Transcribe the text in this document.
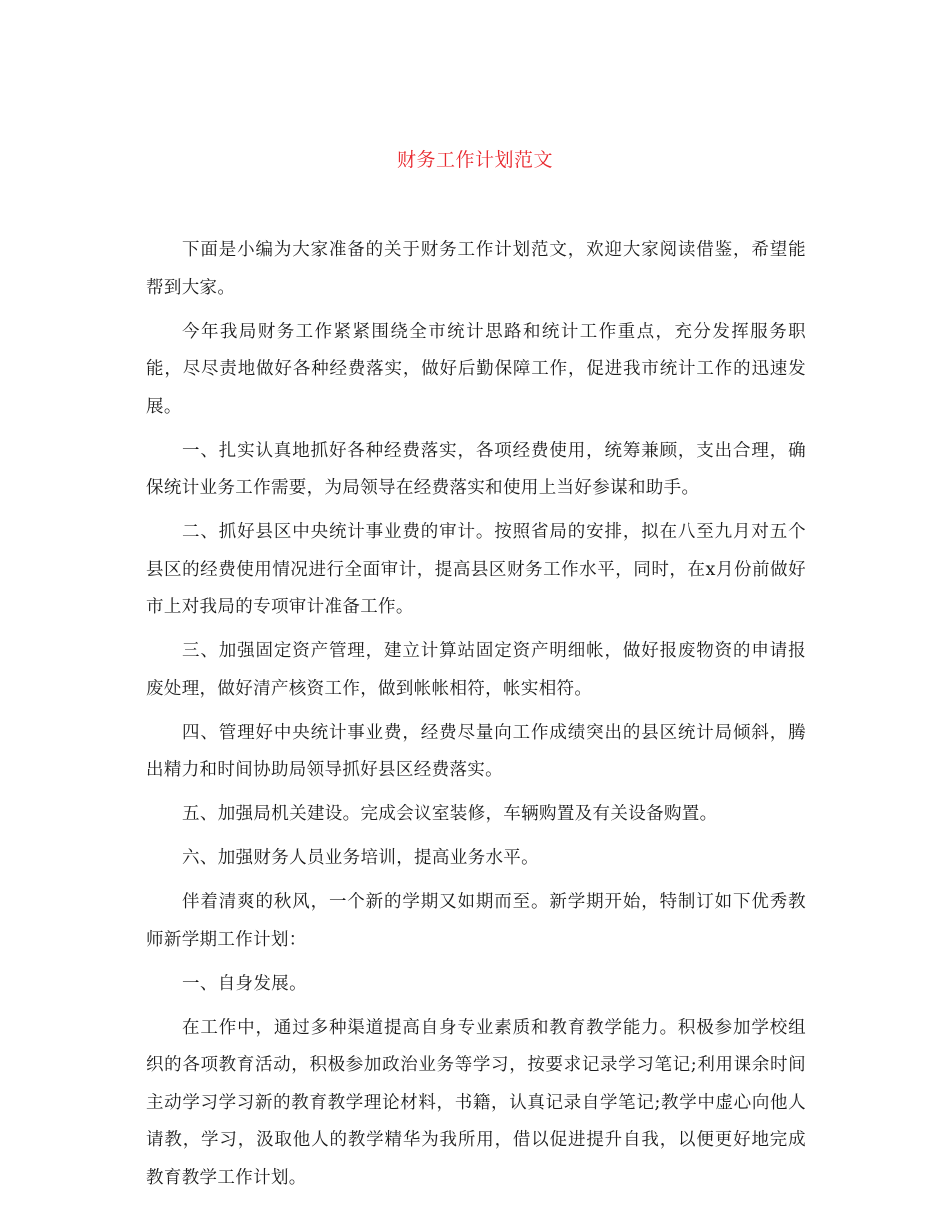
财务工作计划范文

下面是小编为大家准备的关于财务工作计划范文，欢迎大家阅读借鉴，希望能帮到大家。

今年我局财务工作紧紧围绕全市统计思路和统计工作重点，充分发挥服务职能，尽尽责地做好各种经费落实，做好后勤保障工作，促进我市统计工作的迅速发展。

一、扎实认真地抓好各种经费落实，各项经费使用，统筹兼顾，支出合理，确保统计业务工作需要，为局领导在经费落实和使用上当好参谋和助手。

二、抓好县区中央统计事业费的审计。按照省局的安排，拟在八至九月对五个县区的经费使用情况进行全面审计，提高县区财务工作水平，同时，在x月份前做好市上对我局的专项审计准备工作。

三、加强固定资产管理，建立计算站固定资产明细帐，做好报废物资的申请报废处理，做好清产核资工作，做到帐帐相符，帐实相符。

四、管理好中央统计事业费，经费尽量向工作成绩突出的县区统计局倾斜，腾出精力和时间协助局领导抓好县区经费落实。

五、加强局机关建设。完成会议室装修，车辆购置及有关设备购置。

六、加强财务人员业务培训，提高业务水平。

伴着清爽的秋风，一个新的学期又如期而至。新学期开始，特制订如下优秀教师新学期工作计划：

一、自身发展。

在工作中，通过多种渠道提高自身专业素质和教育教学能力。积极参加学校组织的各项教育活动，积极参加政治业务等学习，按要求记录学习笔记;利用课余时间主动学习学习新的教育教学理论材料，书籍，认真记录自学笔记;教学中虚心向他人请教，学习，汲取他人的教学精华为我所用，借以促进提升自我，以便更好地完成教育教学工作计划。
